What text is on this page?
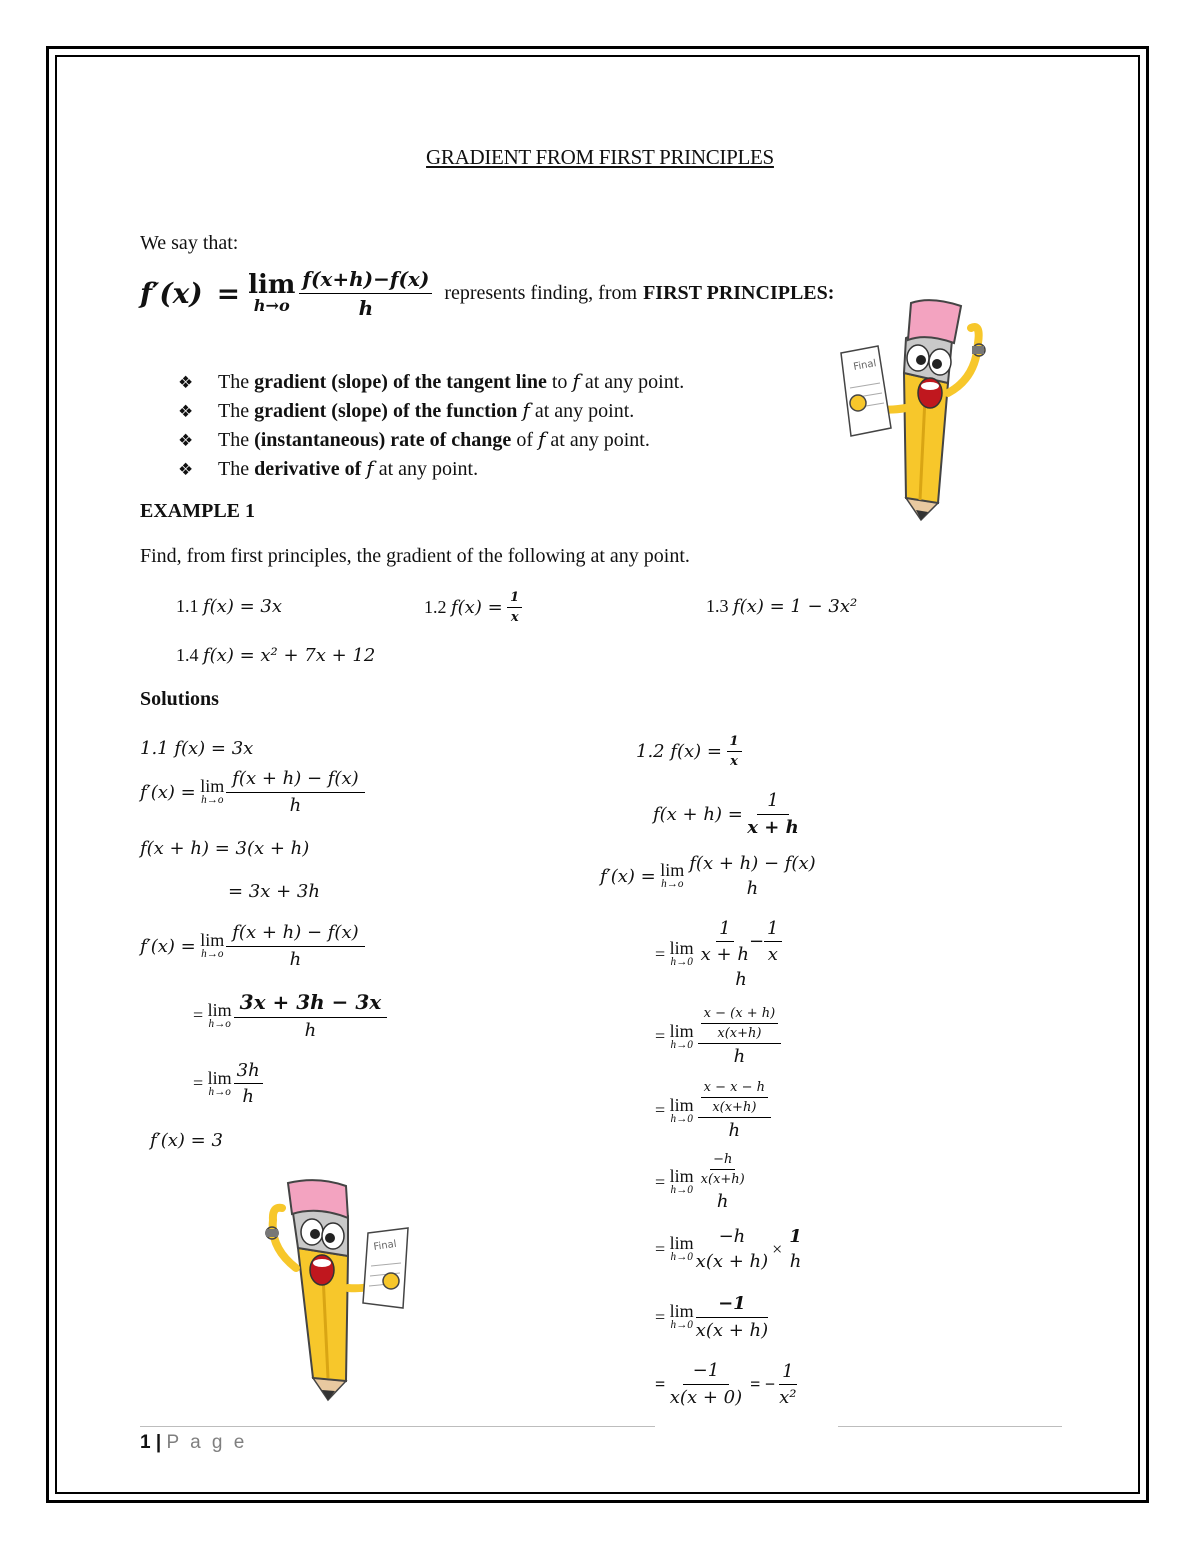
GRADIENT FROM FIRST PRINCIPLES
We say that:
f′(x) = lim
$h\to o \frac{f(x+h)-f(x)}{h}$ represents finding, from FIRST PRINCIPLES:
❖ The gradient (slope) of the tangent line to f at any point.
❖ The gradient (slope) of the function f at any point.
❖ The (instantaneous) rate of change of f at any point.
❖ The derivative of f at any point.
Final
EXAMPLE 1
Find, from first principles, the gradient of the following at any point.
1.1 f(x) = 3x	1.2
f(x) =
$\frac{1}{x}$	1.3 f(x) = 1 − 3x²
1.4 f(x) = x² + 7x + 12
Solutions
1.1 f(x) = 3x
f′(x) =
lim
$h\to o \frac{f(x + h) - f(x)}{h}$
f(x + h) = 3(x + h)
= 3x + 3h
f′(x) =
lim
$h\to o \frac{f(x + h) - f(x)}{h}$
=
lim
$h\to o \frac{3x + 3h - 3x}{h}$
=
lim
$h\to o \frac{3h}{h}$
f′(x) = 3
Final
1.2 f(x) =
$\frac{1}{x}$
f(x + h) =
$\frac{1}{x + h}$
f′(x) =
lim
h→o
f(x + h) − f(x)
h
=
lim
$h\to 0 \frac{1}{x + h} - \frac{1}{x}$
h
=
lim
$h\to 0 \frac{\frac{x - (x + h)}{x(x+h)}}{h}$
=
lim
$h\to 0 \frac{\frac{x - x - h}{x(x+h)}}{h}$
=
lim
h→0
$\frac{-h}{x(x+h)}$
h
=
lim
h→0
−h
x(x + h)
×
1
h
=
lim
$h\to 0 \frac{-1}{x(x + h)}$
=
$\frac{-1}{x(x + 0)}$ = − $\frac{1}{\text{x²}}$
1 | P a g e
